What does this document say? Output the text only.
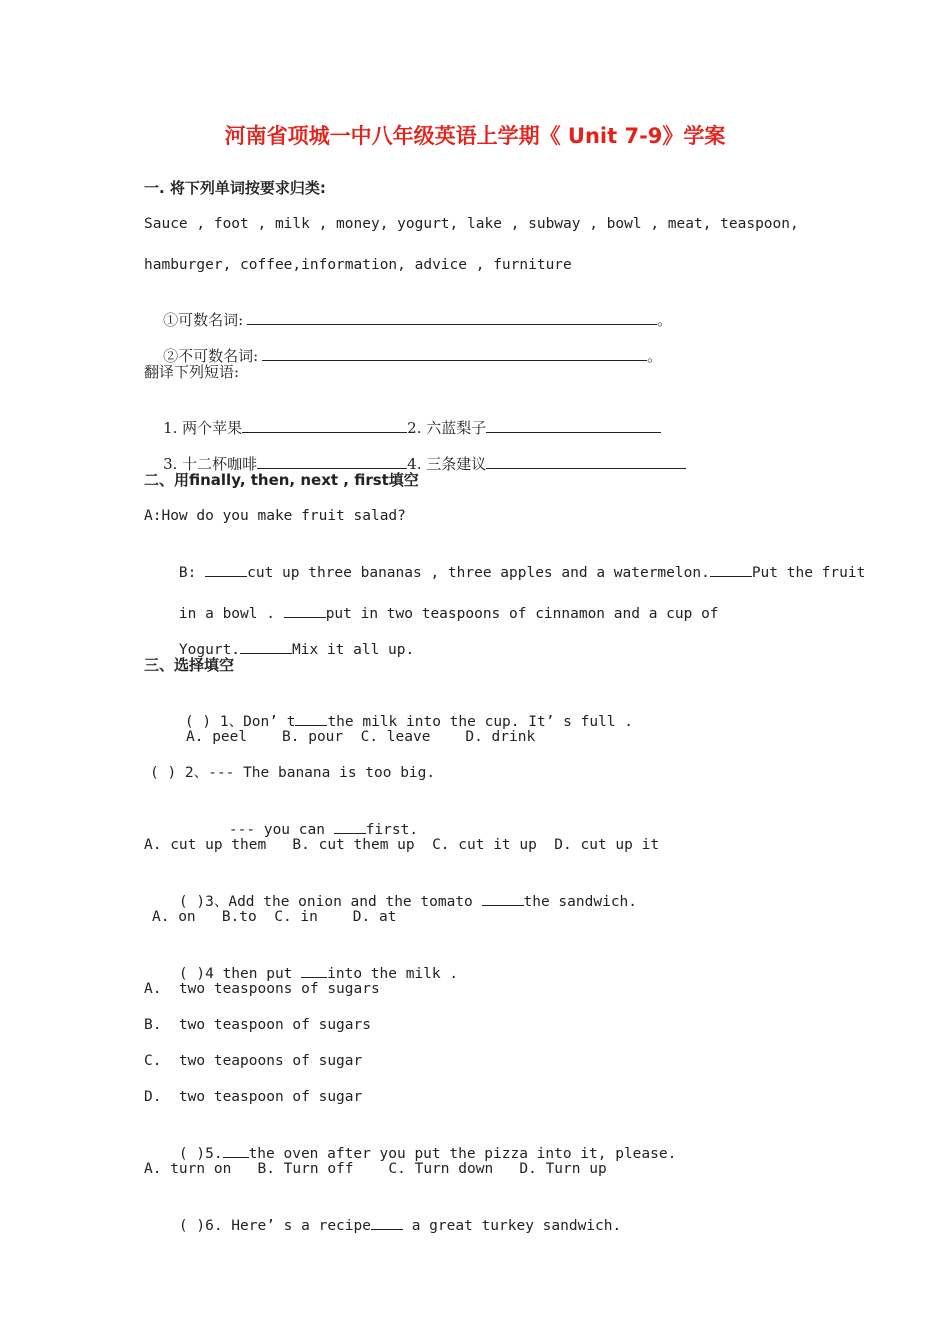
河南省项城一中八年级英语上学期《 Unit 7-9》学案
一. 将下列单词按要求归类:
Sauce , foot , milk , money, yogurt, lake , subway , bowl , meat, teaspoon,
hamburger, coffee,information, advice , furniture

①可数名词:	。

②不可数名词:	。

翻译下列短语:

1. 两个苹果	2. 六蓝梨子

3. 十二杯咖啡	4. 三条建议

二、用finally, then, next , first填空
A:How do you make fruit salad?

B:	cut up three bananas , three apples and a watermelon.	Put the fruit

in a bowl .	put in two teaspoons of cinnamon and a cup of

Yogurt.	Mix it all up.

三、选择填空

( ) 1、Don’ t the milk into the cup. It’ s full .

A. peel    B. pour  C. leave    D. drink
( ) 2、--- The banana is too big.

--- you can first.

A. cut up them   B. cut them up  C. cut it up  D. cut up it

( )3、Add the onion and the tomato	the sandwich.

A. on   B.to  C. in    D. at

( )4 then put into the milk .

A.  two teaspoons of sugars
B.  two teaspoon of sugars
C.  two teapoons of sugar
D.  two teaspoon of sugar

( )5. the oven after you put the pizza into it, please.

A. turn on   B. Turn off    C. Turn down   D. Turn up

( )6. Here’ s a recipe a great turkey sandwich.
